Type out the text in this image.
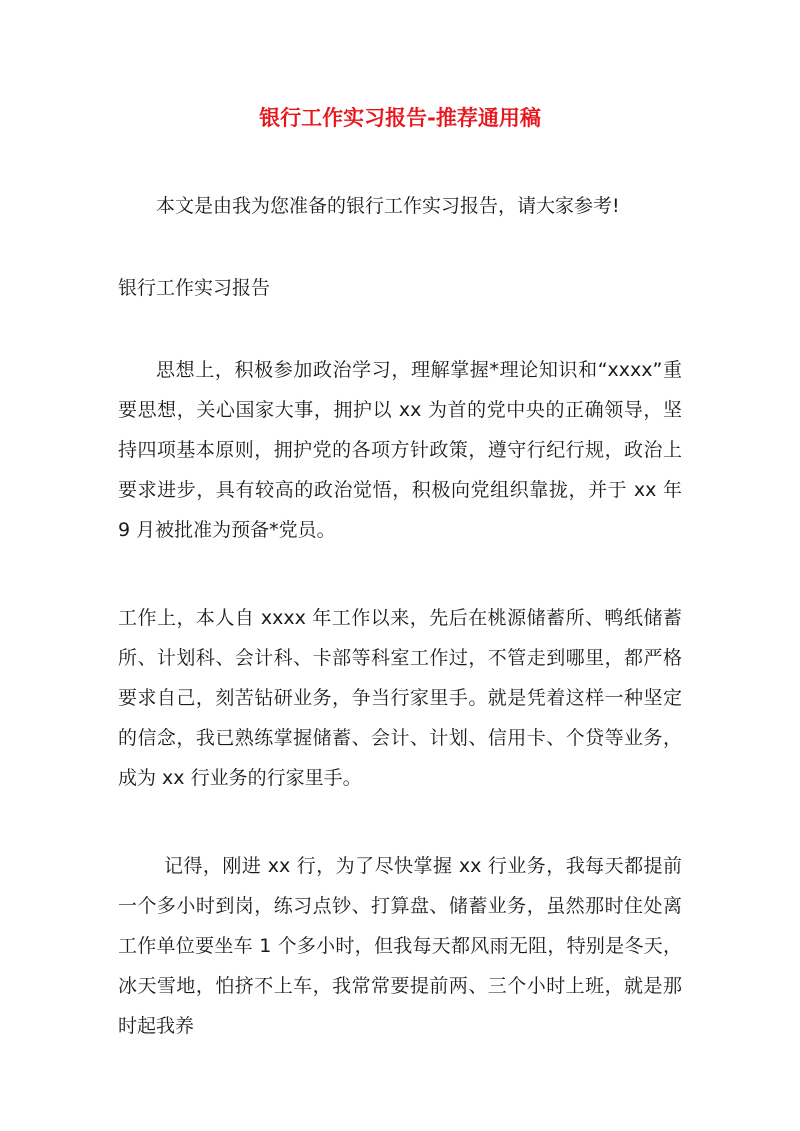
银行工作实习报告-推荐通用稿

本文是由我为您准备的银行工作实习报告，请大家参考!

银行工作实习报告

思想上，积极参加政治学习，理解掌握*理论知识和“xxxx”重要思想，关心国家大事，拥护以 xx 为首的党中央的正确领导，坚持四项基本原则，拥护党的各项方针政策，遵守行纪行规，政治上要求进步，具有较高的政治觉悟，积极向党组织靠拢，并于 xx 年 9 月被批准为预备*党员。

工作上，本人自 xxxx 年工作以来，先后在桃源储蓄所、鸭纸储蓄所、计划科、会计科、卡部等科室工作过，不管走到哪里，都严格要求自己，刻苦钻研业务，争当行家里手。就是凭着这样一种坚定的信念，我已熟练掌握储蓄、会计、计划、信用卡、个贷等业务，成为 xx 行业务的行家里手。

记得，刚进 xx 行，为了尽快掌握 xx 行业务，我每天都提前一个多小时到岗，练习点钞、打算盘、储蓄业务，虽然那时住处离工作单位要坐车 1 个多小时，但我每天都风雨无阻，特别是冬天，冰天雪地，怕挤不上车，我常常要提前两、三个小时上班，就是那时起我养
